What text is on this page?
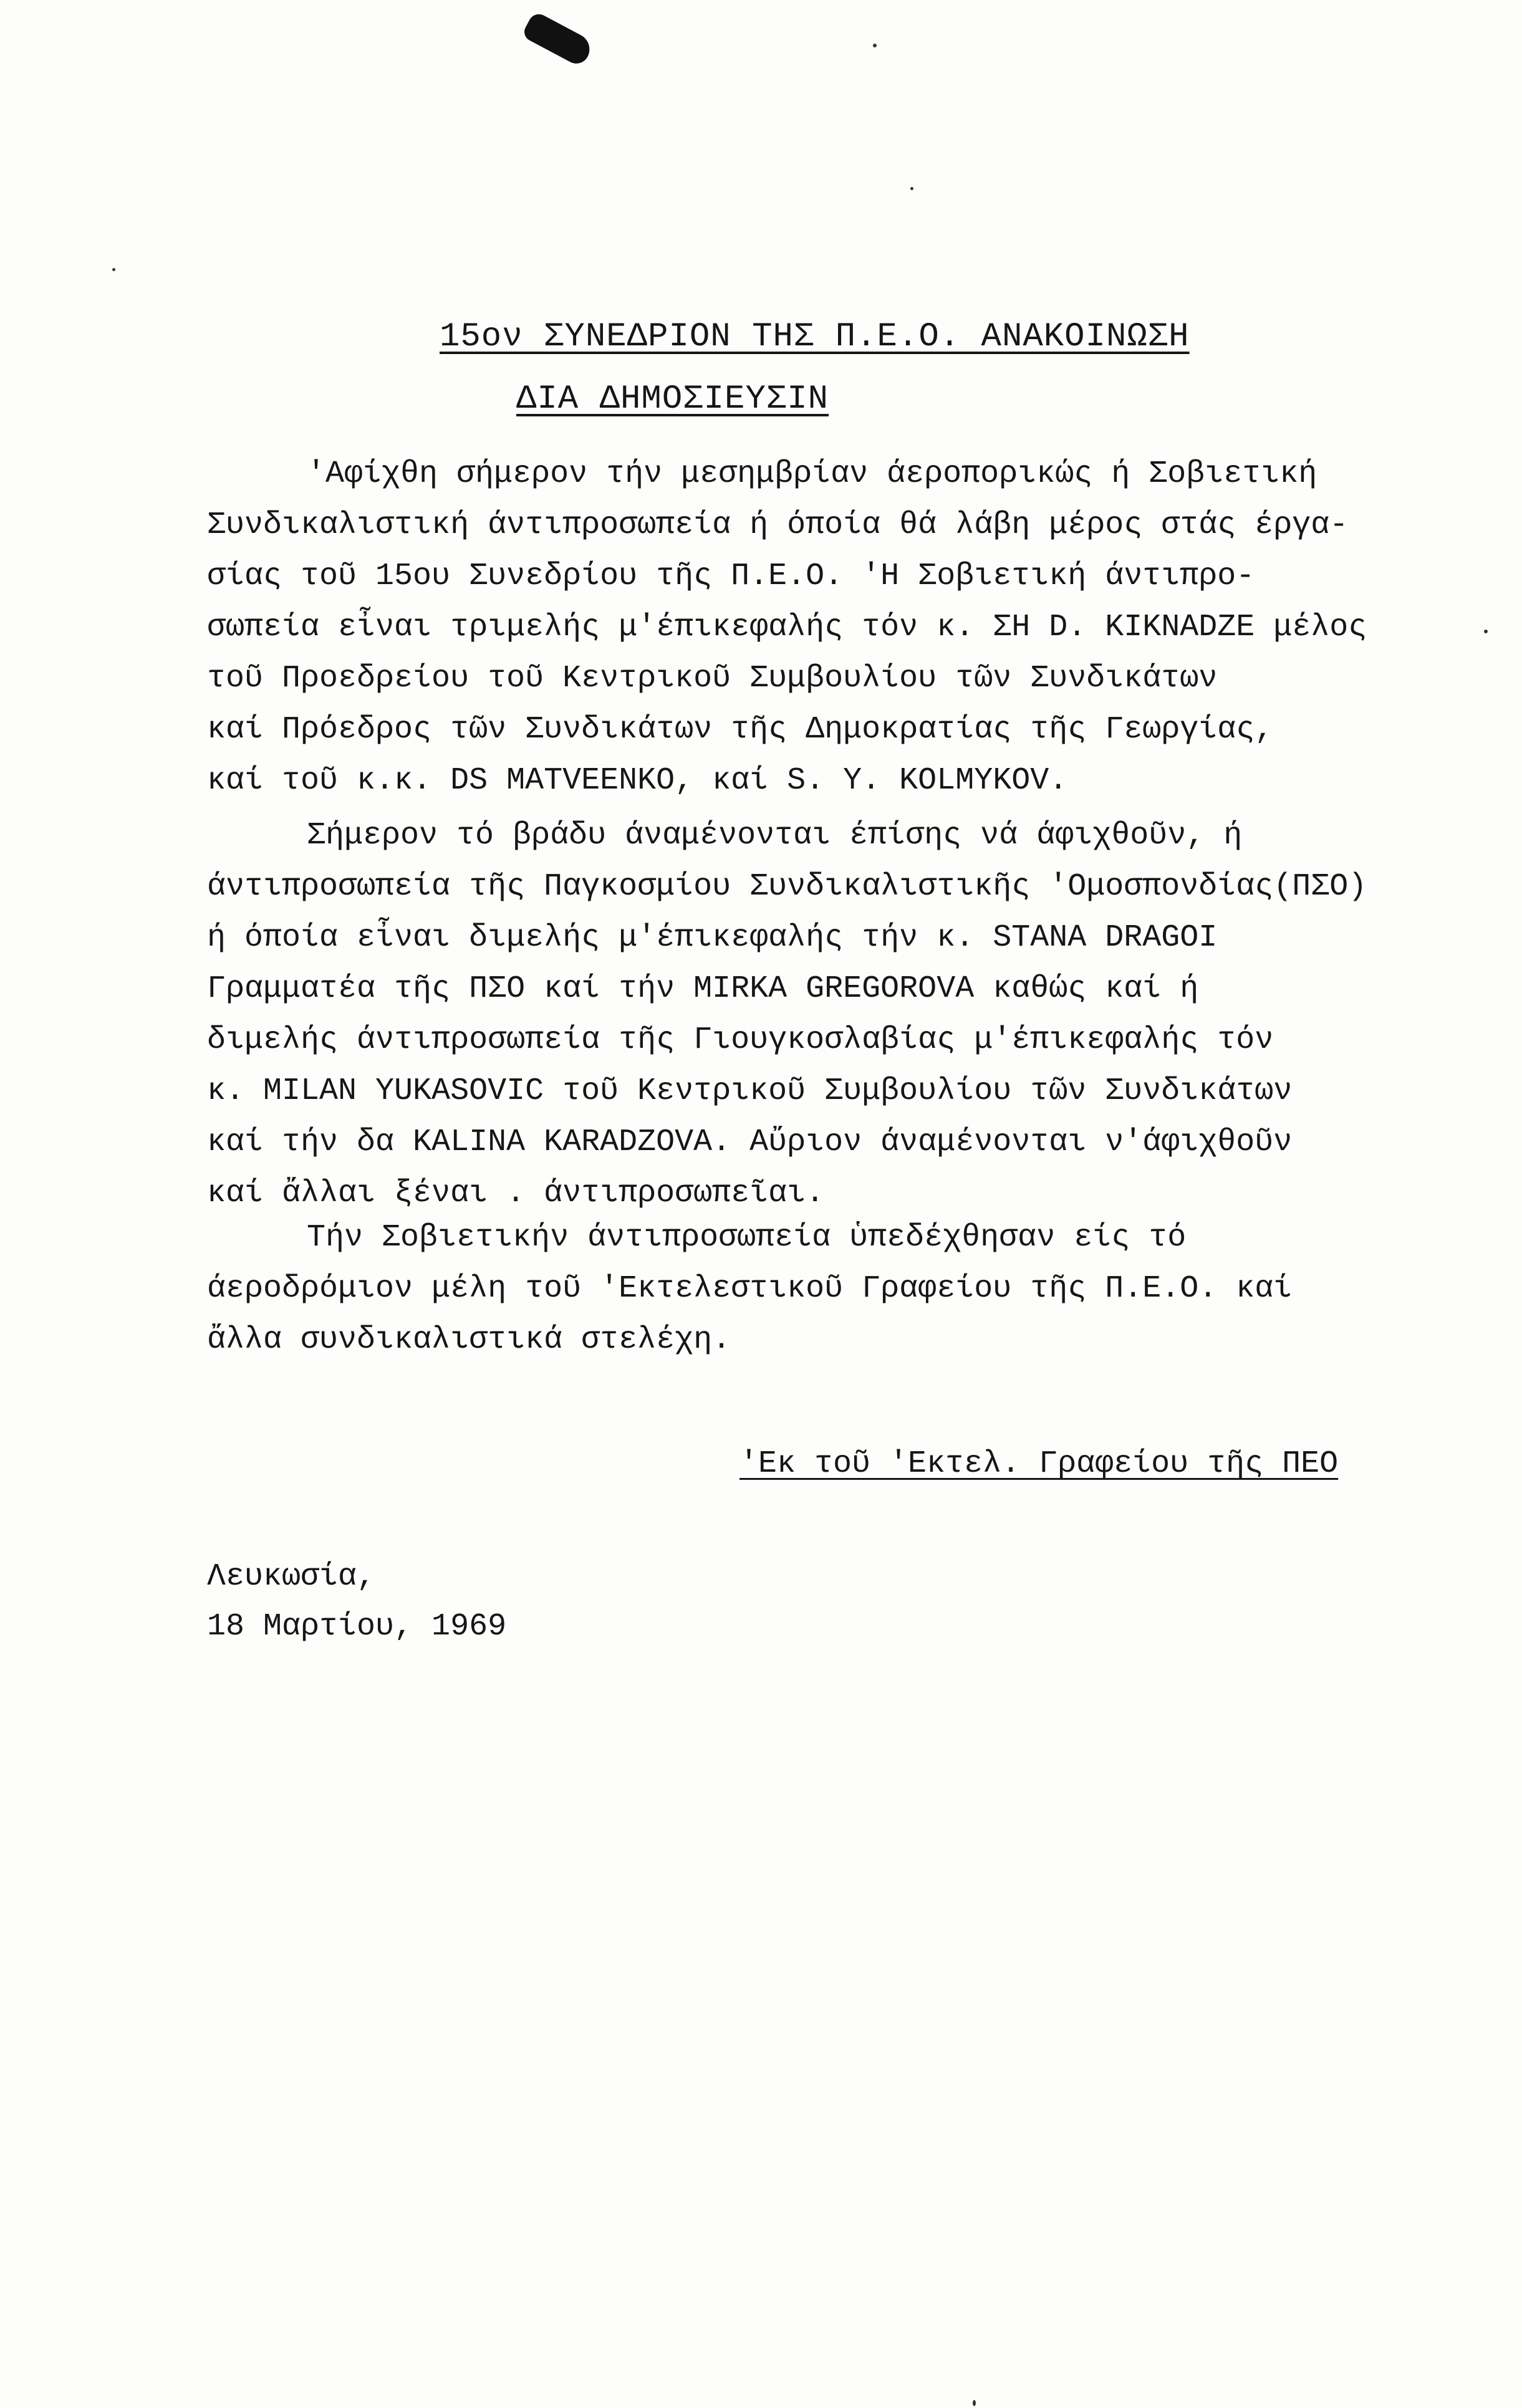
15ον ΣΥΝΕΔΡΙΟΝ ΤΗΣ Π.Ε.Ο. ΑΝΑΚΟΙΝΩΣΗ
ΔΙΑ ΔΗΜΟΣΙΕΥΣΙΝ
'Αφίχθη σήμερον τήν μεσημβρίαν άεροπορικώς ή Σοβιετική
Συνδικαλιστική άντιπροσωπεία ή όποία θά λάβη μέρος στάς έργα-
σίας τοῦ 15ου Συνεδρίου τῆς Π.Ε.Ο. 'Η Σοβιετική άντιπρο-
σωπεία εἶναι τριμελής μ'έπικεφαλής τόν κ. ΣΗ D. KIKNADZE μέλος
τοῦ Προεδρείου τοῦ Κεντρικοῦ Συμβουλίου τῶν Συνδικάτων
καί Πρόεδρος τῶν Συνδικάτων τῆς Δημοκρατίας τῆς Γεωργίας,
καί τοῦ κ.κ. DS MATVEENKO, καί S. Y. KOLMYKOV.
Σήμερον τό βράδυ άναμένονται έπίσης νά άφιχθοῦν, ή
άντιπροσωπεία τῆς Παγκοσμίου Συνδικαλιστικῆς 'Ομοσπονδίας(ΠΣΟ)
ή όποία εἶναι διμελής μ'έπικεφαλής τήν κ. STANA DRAGOI
Γραμματέα τῆς ΠΣΟ καί τήν MIRKA GREGOROVA καθώς καί ή
διμελής άντιπροσωπεία τῆς Γιουγκοσλαβίας μ'έπικεφαλής τόν
κ. MILAN YUKASOVIC τοῦ Κεντρικοῦ Συμβουλίου τῶν Συνδικάτων
καί τήν δα KALINA KARADZOVA. Αὔριον άναμένονται ν'άφιχθοῦν
καί ἄλλαι ξέναι . άντιπροσωπεῖαι.
Τήν Σοβιετικήν άντιπροσωπεία ὑπεδέχθησαν είς τό
άεροδρόμιον μέλη τοῦ 'Εκτελεστικοῦ Γραφείου τῆς Π.Ε.Ο. καί
ἄλλα συνδικαλιστικά στελέχη.
'Εκ τοῦ 'Εκτελ. Γραφείου τῆς ΠΕΟ
Λευκωσία,
18 Μαρτίου, 1969
